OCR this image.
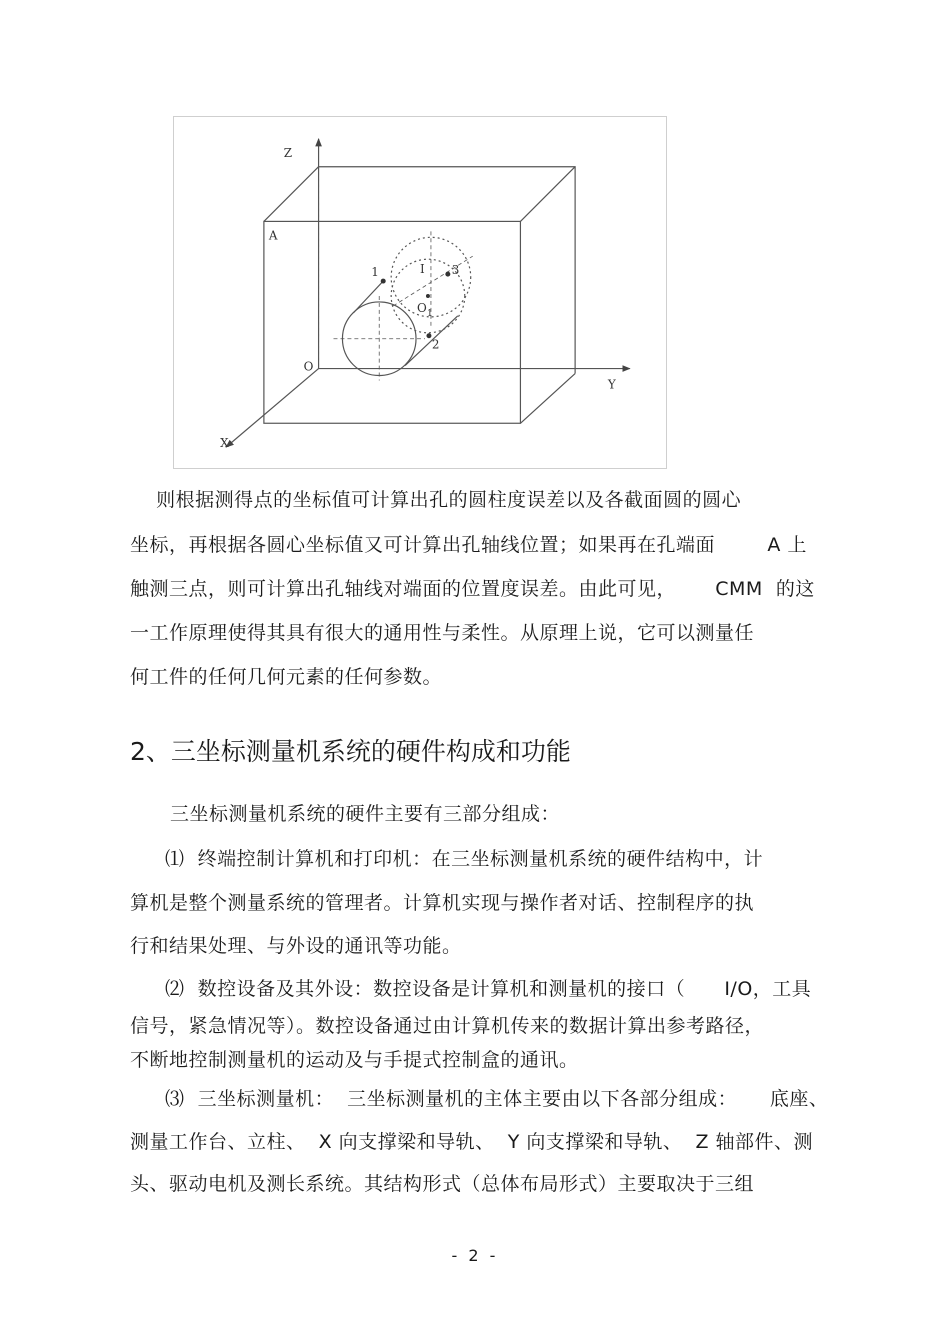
Z
Y
X
A
O
O 1
1
2
3
I
则根据测得点的坐标值可计算出孔的圆柱度误差以及各截面圆的圆心
坐标，再根据各圆心坐标值又可计算出孔轴线位置；如果再在孔端面        A 上
触测三点，则可计算出孔轴线对端面的位置度误差。由此可见，      CMM  的这
一工作原理使得其具有很大的通用性与柔性。从原理上说，它可以测量任
何工件的任何几何元素的任何参数。
2、三坐标测量机系统的硬件构成和功能
三坐标测量机系统的硬件主要有三部分组成：
⑴  终端控制计算机和打印机：在三坐标测量机系统的硬件结构中，计
算机是整个测量系统的管理者。计算机实现与操作者对话、控制程序的执
行和结果处理、与外设的通讯等功能。
⑵  数控设备及其外设：数控设备是计算机和测量机的接口（      I/O，工具
信号，紧急情况等）。数控设备通过由计算机传来的数据计算出参考路径，
不断地控制测量机的运动及与手提式控制盒的通讯。
⑶  三坐标测量机：  三坐标测量机的主体主要由以下各部分组成：     底座、
测量工作台、立柱、  X 向支撑梁和导轨、  Y 向支撑梁和导轨、  Z 轴部件、测
头、驱动电机及测长系统。其结构形式（总体布局形式）主要取决于三组
- 2 -
